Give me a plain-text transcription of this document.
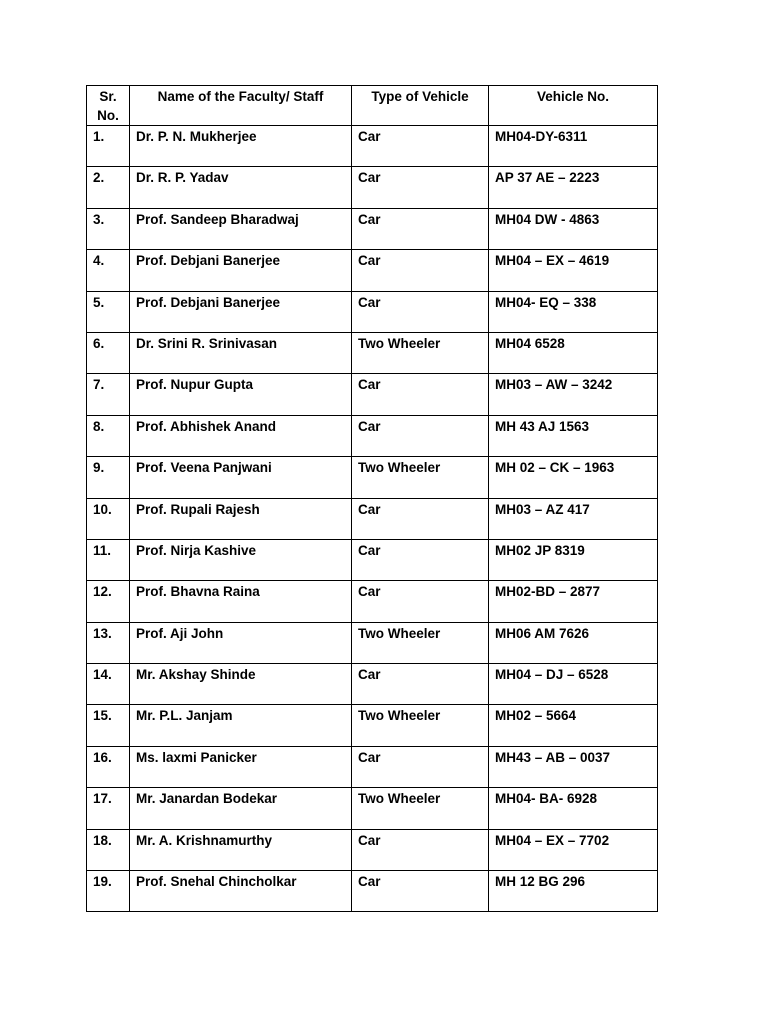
Sr. No.	Name of the Faculty/ Staff	Type of Vehicle	Vehicle No.
1.	Dr. P. N. Mukherjee	Car	MH04-DY-6311
2.	Dr. R. P. Yadav	Car	AP 37 AE – 2223
3.	Prof. Sandeep Bharadwaj	Car	MH04 DW - 4863
4.	Prof. Debjani Banerjee	Car	MH04 – EX – 4619
5.	Prof. Debjani Banerjee	Car	MH04- EQ – 338
6.	Dr. Srini R. Srinivasan	Two Wheeler	MH04 6528
7.	Prof. Nupur Gupta	Car	MH03 – AW – 3242
8.	Prof. Abhishek Anand	Car	MH 43 AJ 1563
9.	Prof. Veena Panjwani	Two Wheeler	MH 02 – CK – 1963
10.	Prof. Rupali Rajesh	Car	MH03 – AZ 417
11.	Prof. Nirja Kashive	Car	MH02 JP 8319
12.	Prof. Bhavna Raina	Car	MH02-BD – 2877
13.	Prof. Aji John	Two Wheeler	MH06 AM 7626
14.	Mr. Akshay Shinde	Car	MH04 – DJ – 6528
15.	Mr. P.L. Janjam	Two Wheeler	MH02 – 5664
16.	Ms. laxmi Panicker	Car	MH43 – AB – 0037
17.	Mr. Janardan Bodekar	Two Wheeler	MH04- BA- 6928
18.	Mr. A. Krishnamurthy	Car	MH04 – EX – 7702
19.	Prof. Snehal Chincholkar	Car	MH 12 BG 296
